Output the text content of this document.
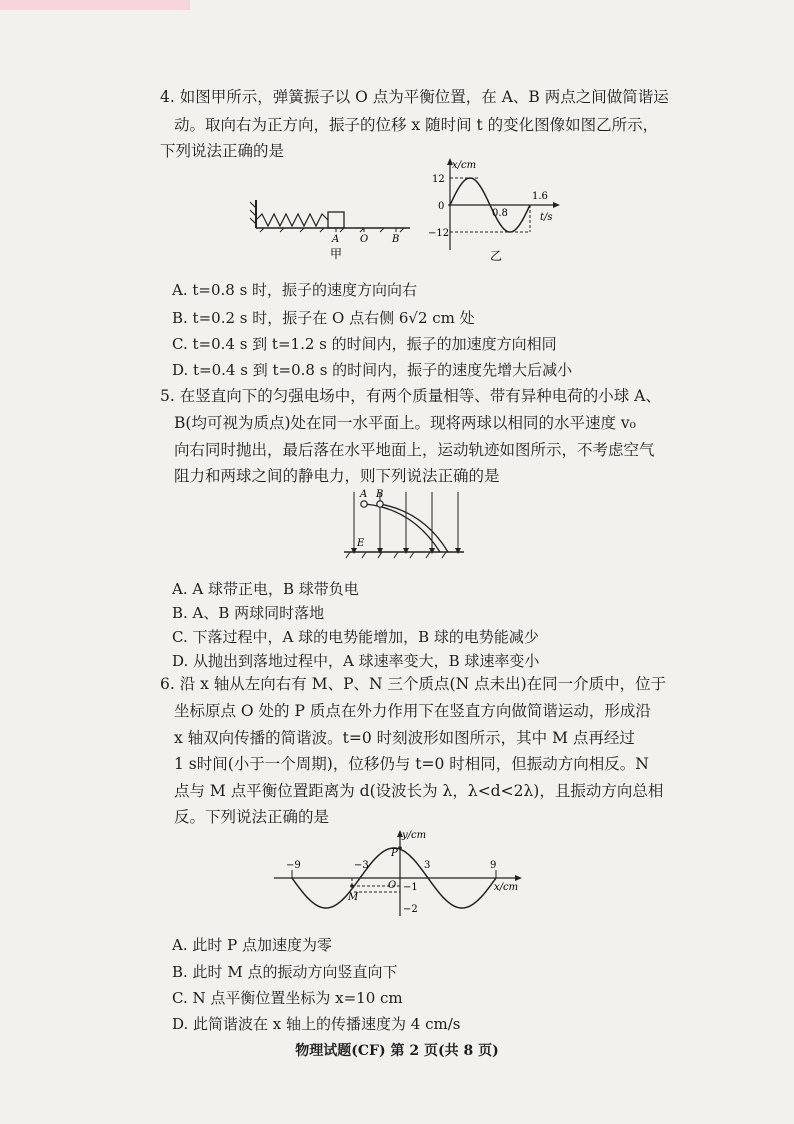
4. 如图甲所示，弹簧振子以 O 点为平衡位置，在 A、B 两点之间做简谐运
动。取向右为正方向，振子的位移 x 随时间 t 的变化图像如图乙所示，
下列说法正确的是
A O B
甲
x/cm
t/s
12
0
−12
0.8
1.6
乙
A. t=0.8 s 时，振子的速度方向向右
B. t=0.2 s 时，振子在 O 点右侧 6√2 cm 处
C. t=0.4 s 到 t=1.2 s 的时间内，振子的加速度方向相同
D. t=0.4 s 到 t=0.8 s 的时间内，振子的速度先增大后减小
5. 在竖直向下的匀强电场中，有两个质量相等、带有异种电荷的小球 A、
B(均可视为质点)处在同一水平面上。现将两球以相同的水平速度 v₀
向右同时抛出，最后落在水平地面上，运动轨迹如图所示，不考虑空气
阻力和两球之间的静电力，则下列说法正确的是
A B
E
A. A 球带正电，B 球带负电
B. A、B 两球同时落地
C. 下落过程中，A 球的电势能增加，B 球的电势能减少
D. 从抛出到落地过程中，A 球速率变大，B 球速率变小
6. 沿 x 轴从左向右有 M、P、N 三个质点(N 点未出)在同一介质中，位于
坐标原点 O 处的 P 质点在外力作用下在竖直方向做简谐运动，形成沿
x 轴双向传播的简谐波。t=0 时刻波形如图所示，其中 M 点再经过
1 s时间(小于一个周期)，位移仍与 t=0 时相同，但振动方向相反。N
点与 M 点平衡位置距离为 d(设波长为 λ，λ<d<2λ)，且振动方向总相
反。下列说法正确的是
y/cm
x/cm
−9	−3	3	9
−1
−2
O
P
M
A. 此时 P 点加速度为零
B. 此时 M 点的振动方向竖直向下
C. N 点平衡位置坐标为 x=10 cm
D. 此简谐波在 x 轴上的传播速度为 4 cm/s
物理试题(CF) 第 2 页(共 8 页)
